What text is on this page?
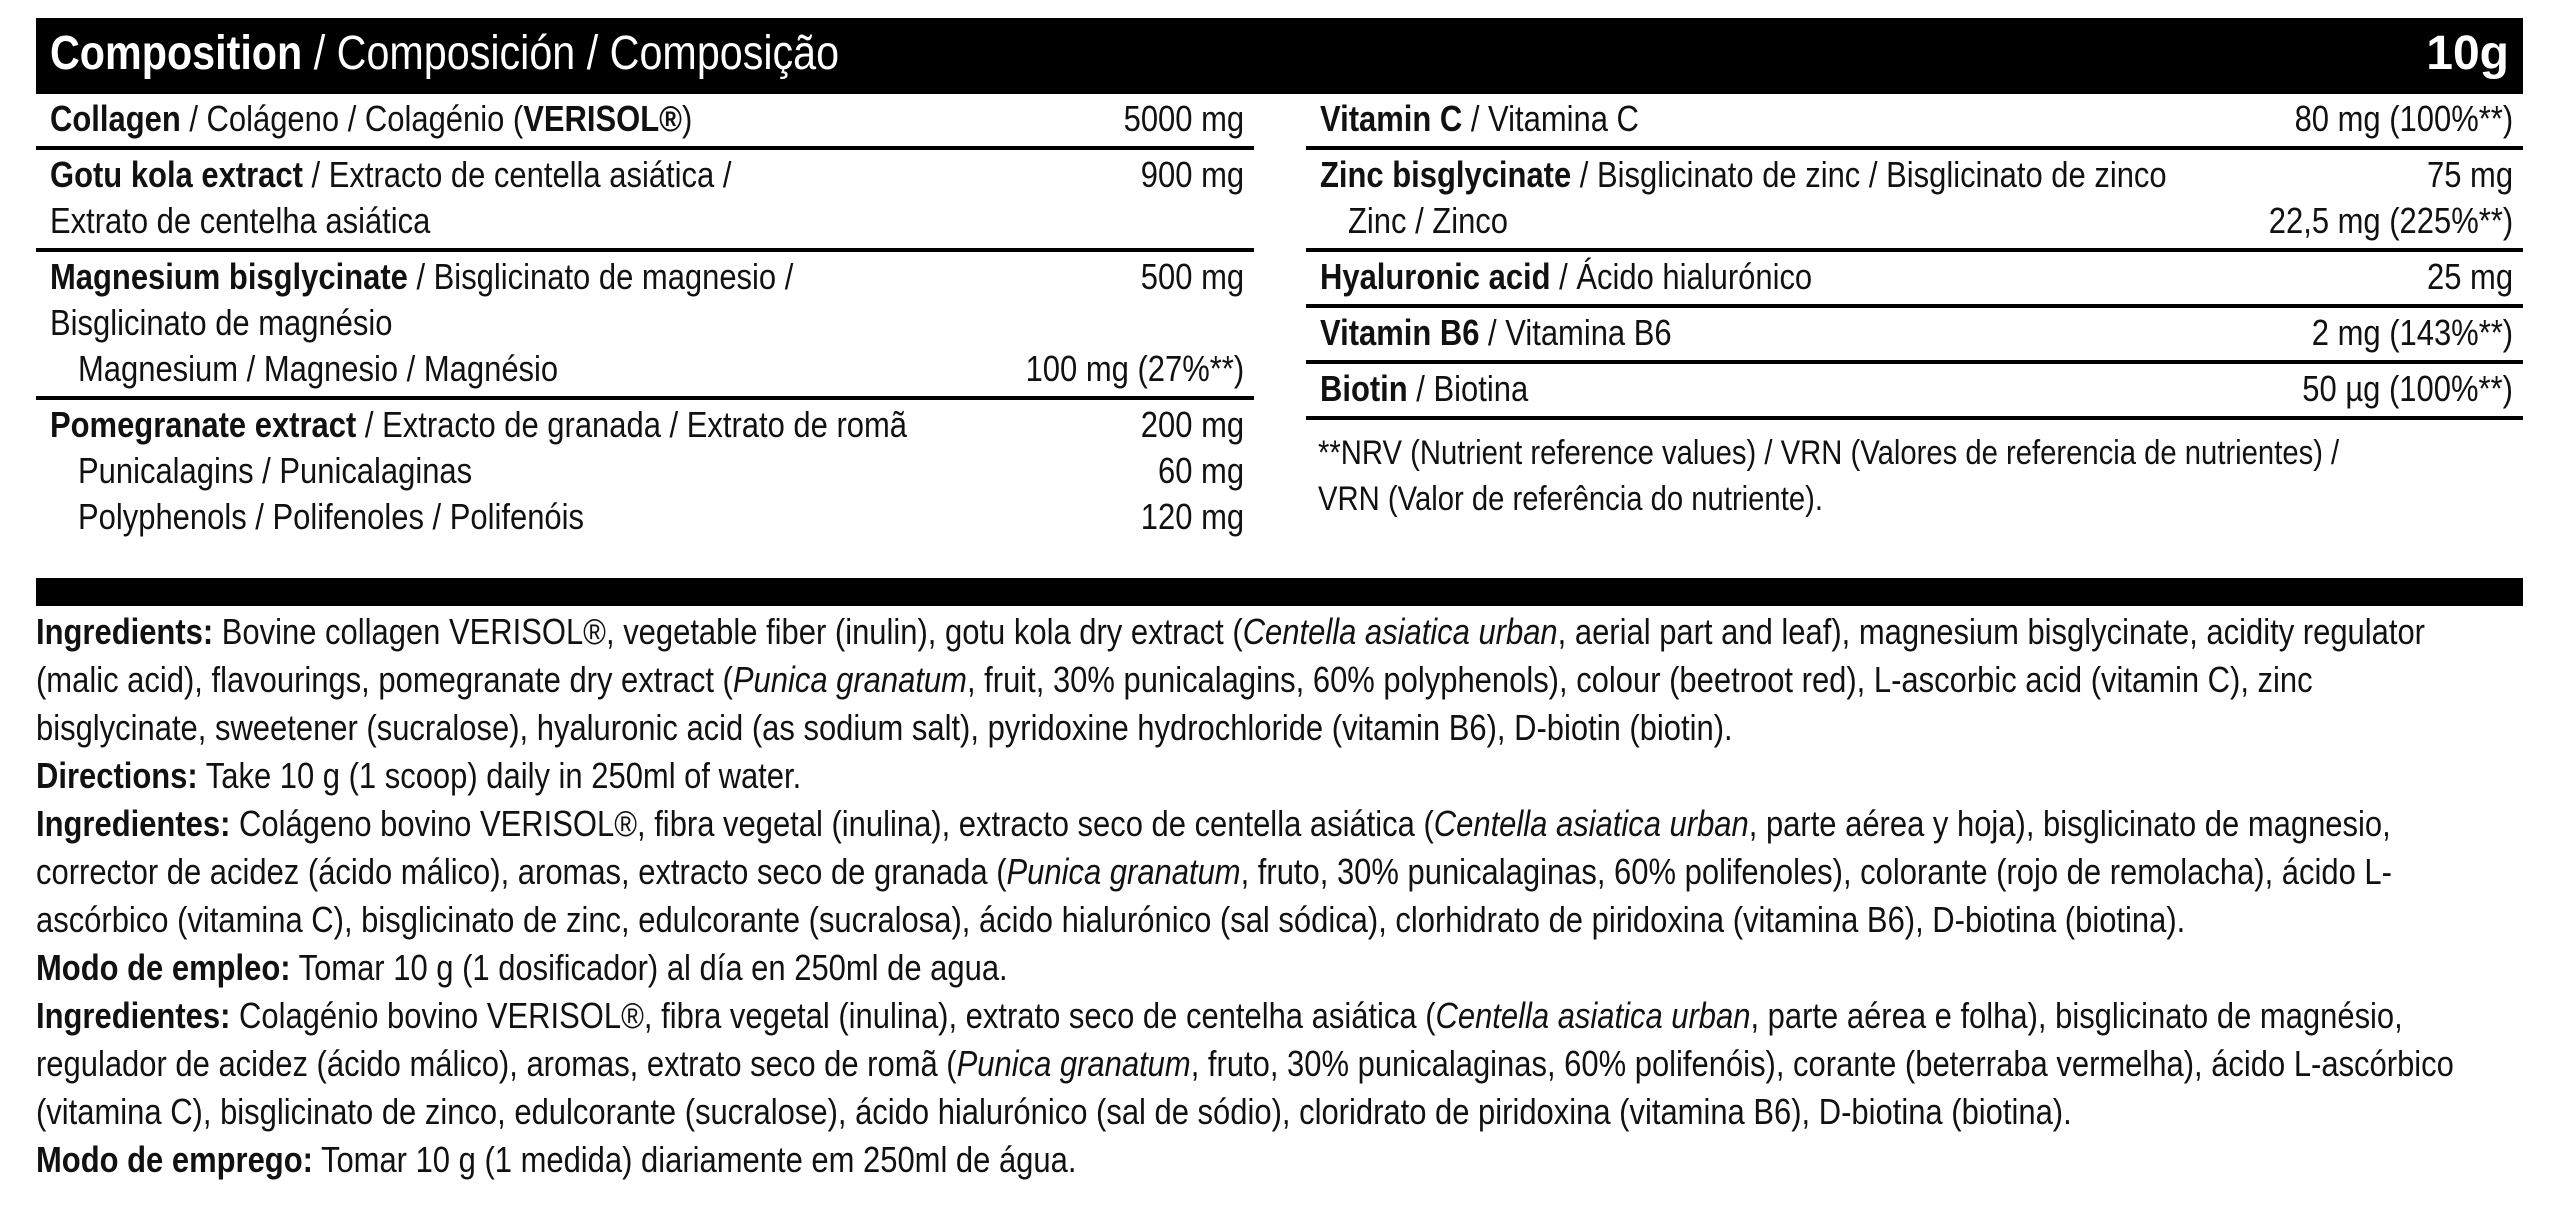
Composition / Composición / Composição	10g
Collagen / Colágeno / Colagénio (VERISOL®)	5000 mg
Gotu kola extract / Extracto de centella asiática /	900 mg
Extrato de centelha asiática
Magnesium bisglycinate / Bisglicinato de magnesio /	500 mg
Bisglicinato de magnésio
Magnesium / Magnesio / Magnésio	100 mg (27%**)
Pomegranate extract / Extracto de granada / Extrato de romã	200 mg
Punicalagins / Punicalaginas	60 mg
Polyphenols / Polifenoles / Polifenóis	120 mg
Vitamin C / Vitamina C	80 mg (100%**)
Zinc bisglycinate / Bisglicinato de zinc / Bisglicinato de zinco	75 mg
Zinc / Zinco	22,5 mg (225%**)
Hyaluronic acid / Ácido hialurónico	25 mg
Vitamin B6 / Vitamina B6	2 mg (143%**)
Biotin / Biotina	50 µg (100%**)
**NRV (Nutrient reference values) / VRN (Valores de referencia de nutrientes) /
VRN (Valor de referência do nutriente).

Ingredients: Bovine collagen VERISOL®, vegetable fiber (inulin), gotu kola dry extract (Centella asiatica urban, aerial part and leaf), magnesium bisglycinate, acidity regulator (malic acid), flavourings, pomegranate dry extract (Punica granatum, fruit, 30% punicalagins, 60% polyphenols), colour (beetroot red), L-ascorbic acid (vitamin C), zinc bisglycinate, sweetener (sucralose), hyaluronic acid (as sodium salt), pyridoxine hydrochloride (vitamin B6), D-biotin (biotin).

Directions: Take 10 g (1 scoop) daily in 250ml of water.

Ingredientes: Colágeno bovino VERISOL®, fibra vegetal (inulina), extracto seco de centella asiática (Centella asiatica urban, parte aérea y hoja), bisglicinato de magnesio, corrector de acidez (ácido málico), aromas, extracto seco de granada (Punica granatum, fruto, 30% punicalaginas, 60% polifenoles), colorante (rojo de remolacha), ácido L-ascórbico (vitamina C), bisglicinato de zinc, edulcorante (sucralosa), ácido hialurónico (sal sódica), clorhidrato de piridoxina (vitamina B6), D-biotina (biotina).

Modo de empleo: Tomar 10 g (1 dosificador) al día en 250ml de agua.

Ingredientes: Colagénio bovino VERISOL®, fibra vegetal (inulina), extrato seco de centelha asiática (Centella asiatica urban, parte aérea e folha), bisglicinato de magnésio, regulador de acidez (ácido málico), aromas, extrato seco de romã (Punica granatum, fruto, 30% punicalaginas, 60% polifenóis), corante (beterraba vermelha), ácido L-ascórbico (vitamina C), bisglicinato de zinco, edulcorante (sucralose), ácido hialurónico (sal de sódio), cloridrato de piridoxina (vitamina B6), D-biotina (biotina).

Modo de emprego: Tomar 10 g (1 medida) diariamente em 250ml de água.
